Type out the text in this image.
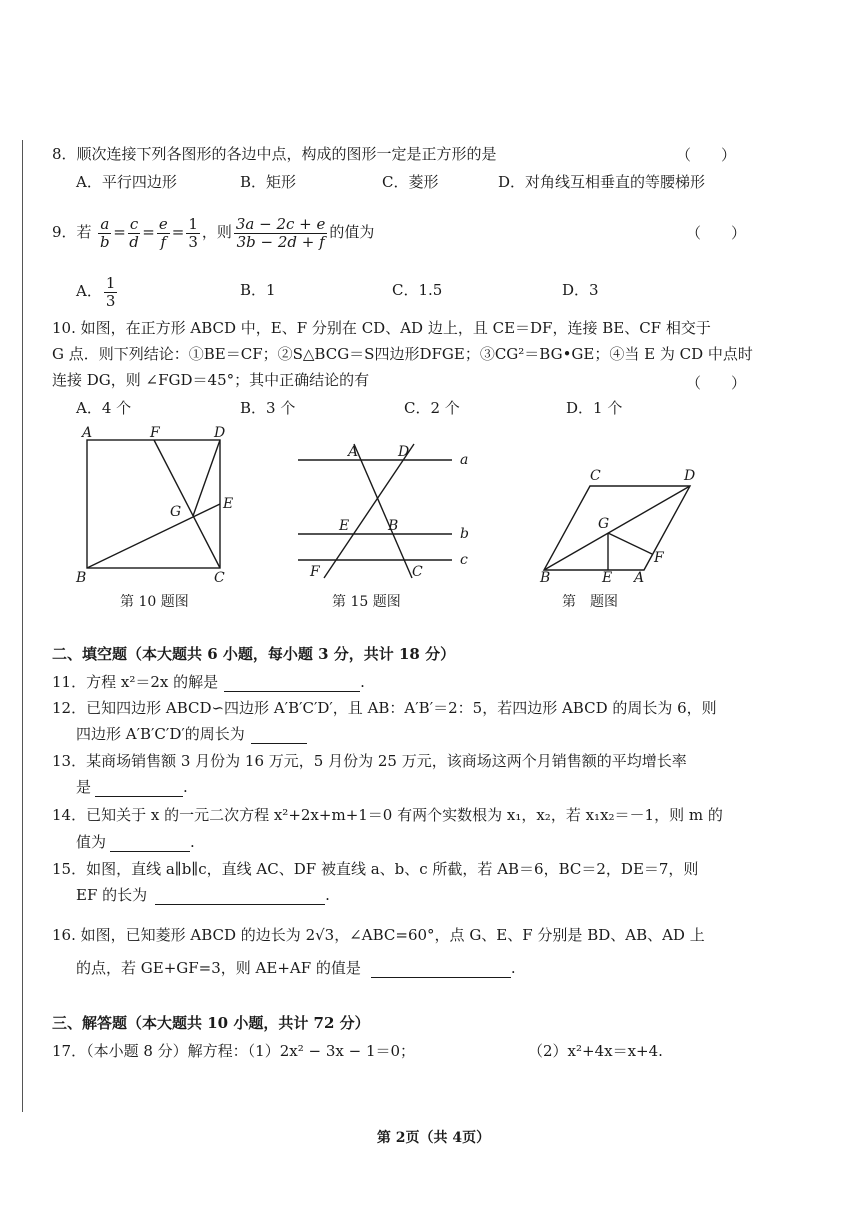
8．顺次连接下列各图形的各边中点，构成的图形一定是正方形的是	（　　）
A．平行四边形	B．矩形	C．菱形	D．对角线互相垂直的等腰梯形
9．若 $\frac{a}{b} = \frac{c}{d} = \frac{e}{f} = \frac{1}{3}$ ，则 $\frac{3a - 2c + e}{3b - 2d + f}$ 的值为	（　　）
A． $\frac{1}{3}$	B．1	C．1.5	D．3
10. 如图，在正方形 ABCD 中，E、F 分别在 CD、AD 边上，且 CE＝DF，连接 BE、CF 相交于
G 点．则下列结论：①BE＝CF；②S△BCG＝S四边形DFGE；③CG²＝BG•GE；④当 E 为 CD 中点时
连接 DG，则 ∠FGD＝45°；其中正确结论的有	（　　）
A．4 个	B．3 个	C．2 个	D．1 个
A	F	D
G	E
B	C
第 10 题图
A	D	a
E	B	b
F	C
c
第 15 题图
C	D
G
B	E A
F
第　题图
二、填空题（本大题共 6 小题，每小题 3 分，共计 18 分）
11．方程 x²＝2x 的解是	.
12．已知四边形 ABCD∽四边形 A′B′C′D′，且 AB：A′B′＝2：5，若四边形 ABCD 的周长为 6，则
四边形 A′B′C′D′的周长为
13．某商场销售额 3 月份为 16 万元，5 月份为 25 万元，该商场这两个月销售额的平均增长率
是	.
14．已知关于 x 的一元二次方程 x²+2x+m+1＝0 有两个实数根为 x₁，x₂，若 x₁x₂＝－1，则 m 的
值为	.
15．如图，直线 a∥b∥c，直线 AC、DF 被直线 a、b、c 所截，若 AB＝6，BC＝2，DE＝7，则
EF 的长为	.
16. 如图，已知菱形 ABCD 的边长为 2√3，∠ABC=60°，点 G、E、F 分别是 BD、AB、AD 上
的点，若 GE+GF=3，则 AE+AF 的值是	.
三、解答题（本大题共 10 小题，共计 72 分）
17．（本小题 8 分）解方程：（1）2x² − 3x − 1＝0；	（2）x²+4x＝x+4.
第 2页（共 4页）
